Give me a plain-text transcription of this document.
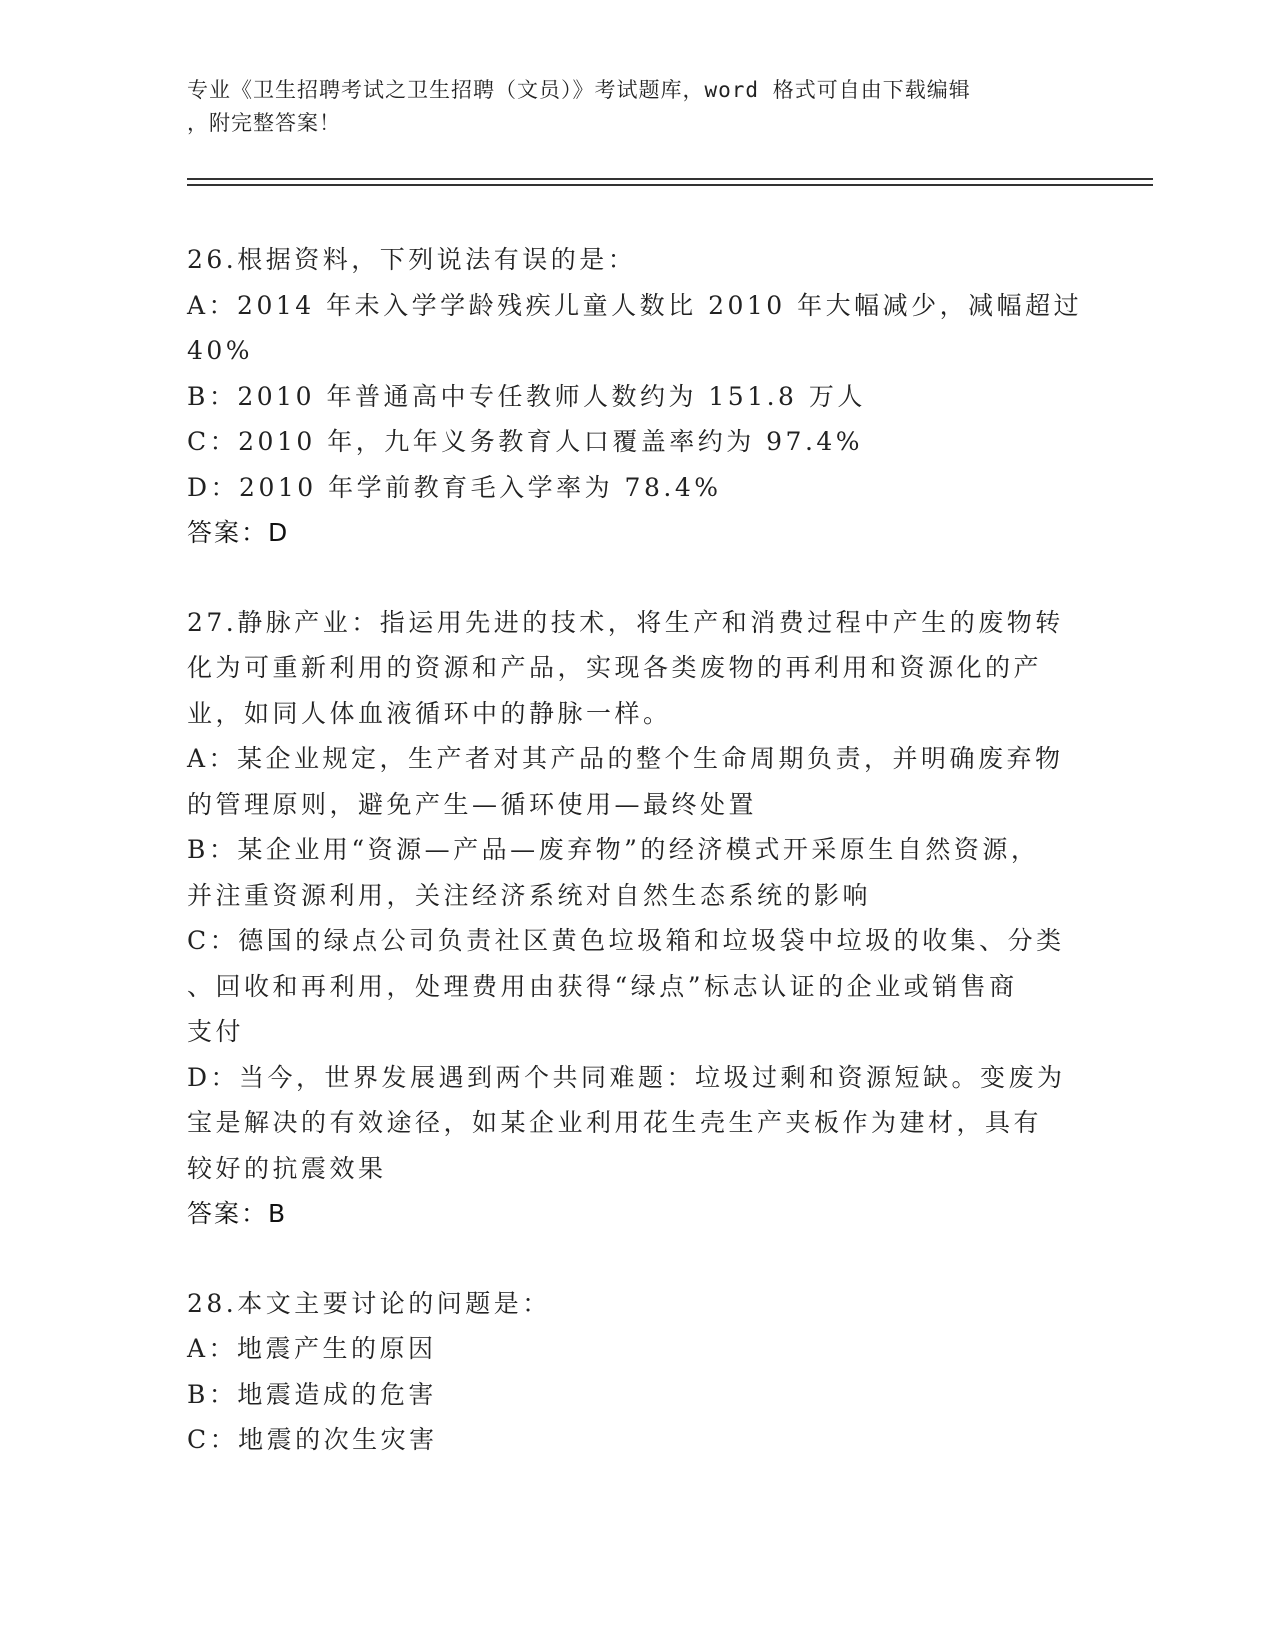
专业《卫生招聘考试之卫生招聘（文员）》考试题库，word 格式可自由下载编辑
，附完整答案！
26.根据资料，下列说法有误的是：
A：2014 年未入学学龄残疾儿童人数比 2010 年大幅减少，减幅超过
40%
B：2010 年普通高中专任教师人数约为 151.8 万人
C：2010 年，九年义务教育人口覆盖率约为 97.4%
D：2010 年学前教育毛入学率为 78.4%
答案：D
27.静脉产业：指运用先进的技术，将生产和消费过程中产生的废物转
化为可重新利用的资源和产品，实现各类废物的再利用和资源化的产
业，如同人体血液循环中的静脉一样。
A：某企业规定，生产者对其产品的整个生命周期负责，并明确废弃物
的管理原则，避免产生—循环使用—最终处置
B：某企业用“资源—产品—废弃物”的经济模式开采原生自然资源，
并注重资源利用，关注经济系统对自然生态系统的影响
C：德国的绿点公司负责社区黄色垃圾箱和垃圾袋中垃圾的收集、分类
、回收和再利用，处理费用由获得“绿点”标志认证的企业或销售商
支付
D：当今，世界发展遇到两个共同难题：垃圾过剩和资源短缺。变废为
宝是解决的有效途径，如某企业利用花生壳生产夹板作为建材，具有
较好的抗震效果
答案：B
28.本文主要讨论的问题是：
A：地震产生的原因
B：地震造成的危害
C：地震的次生灾害
